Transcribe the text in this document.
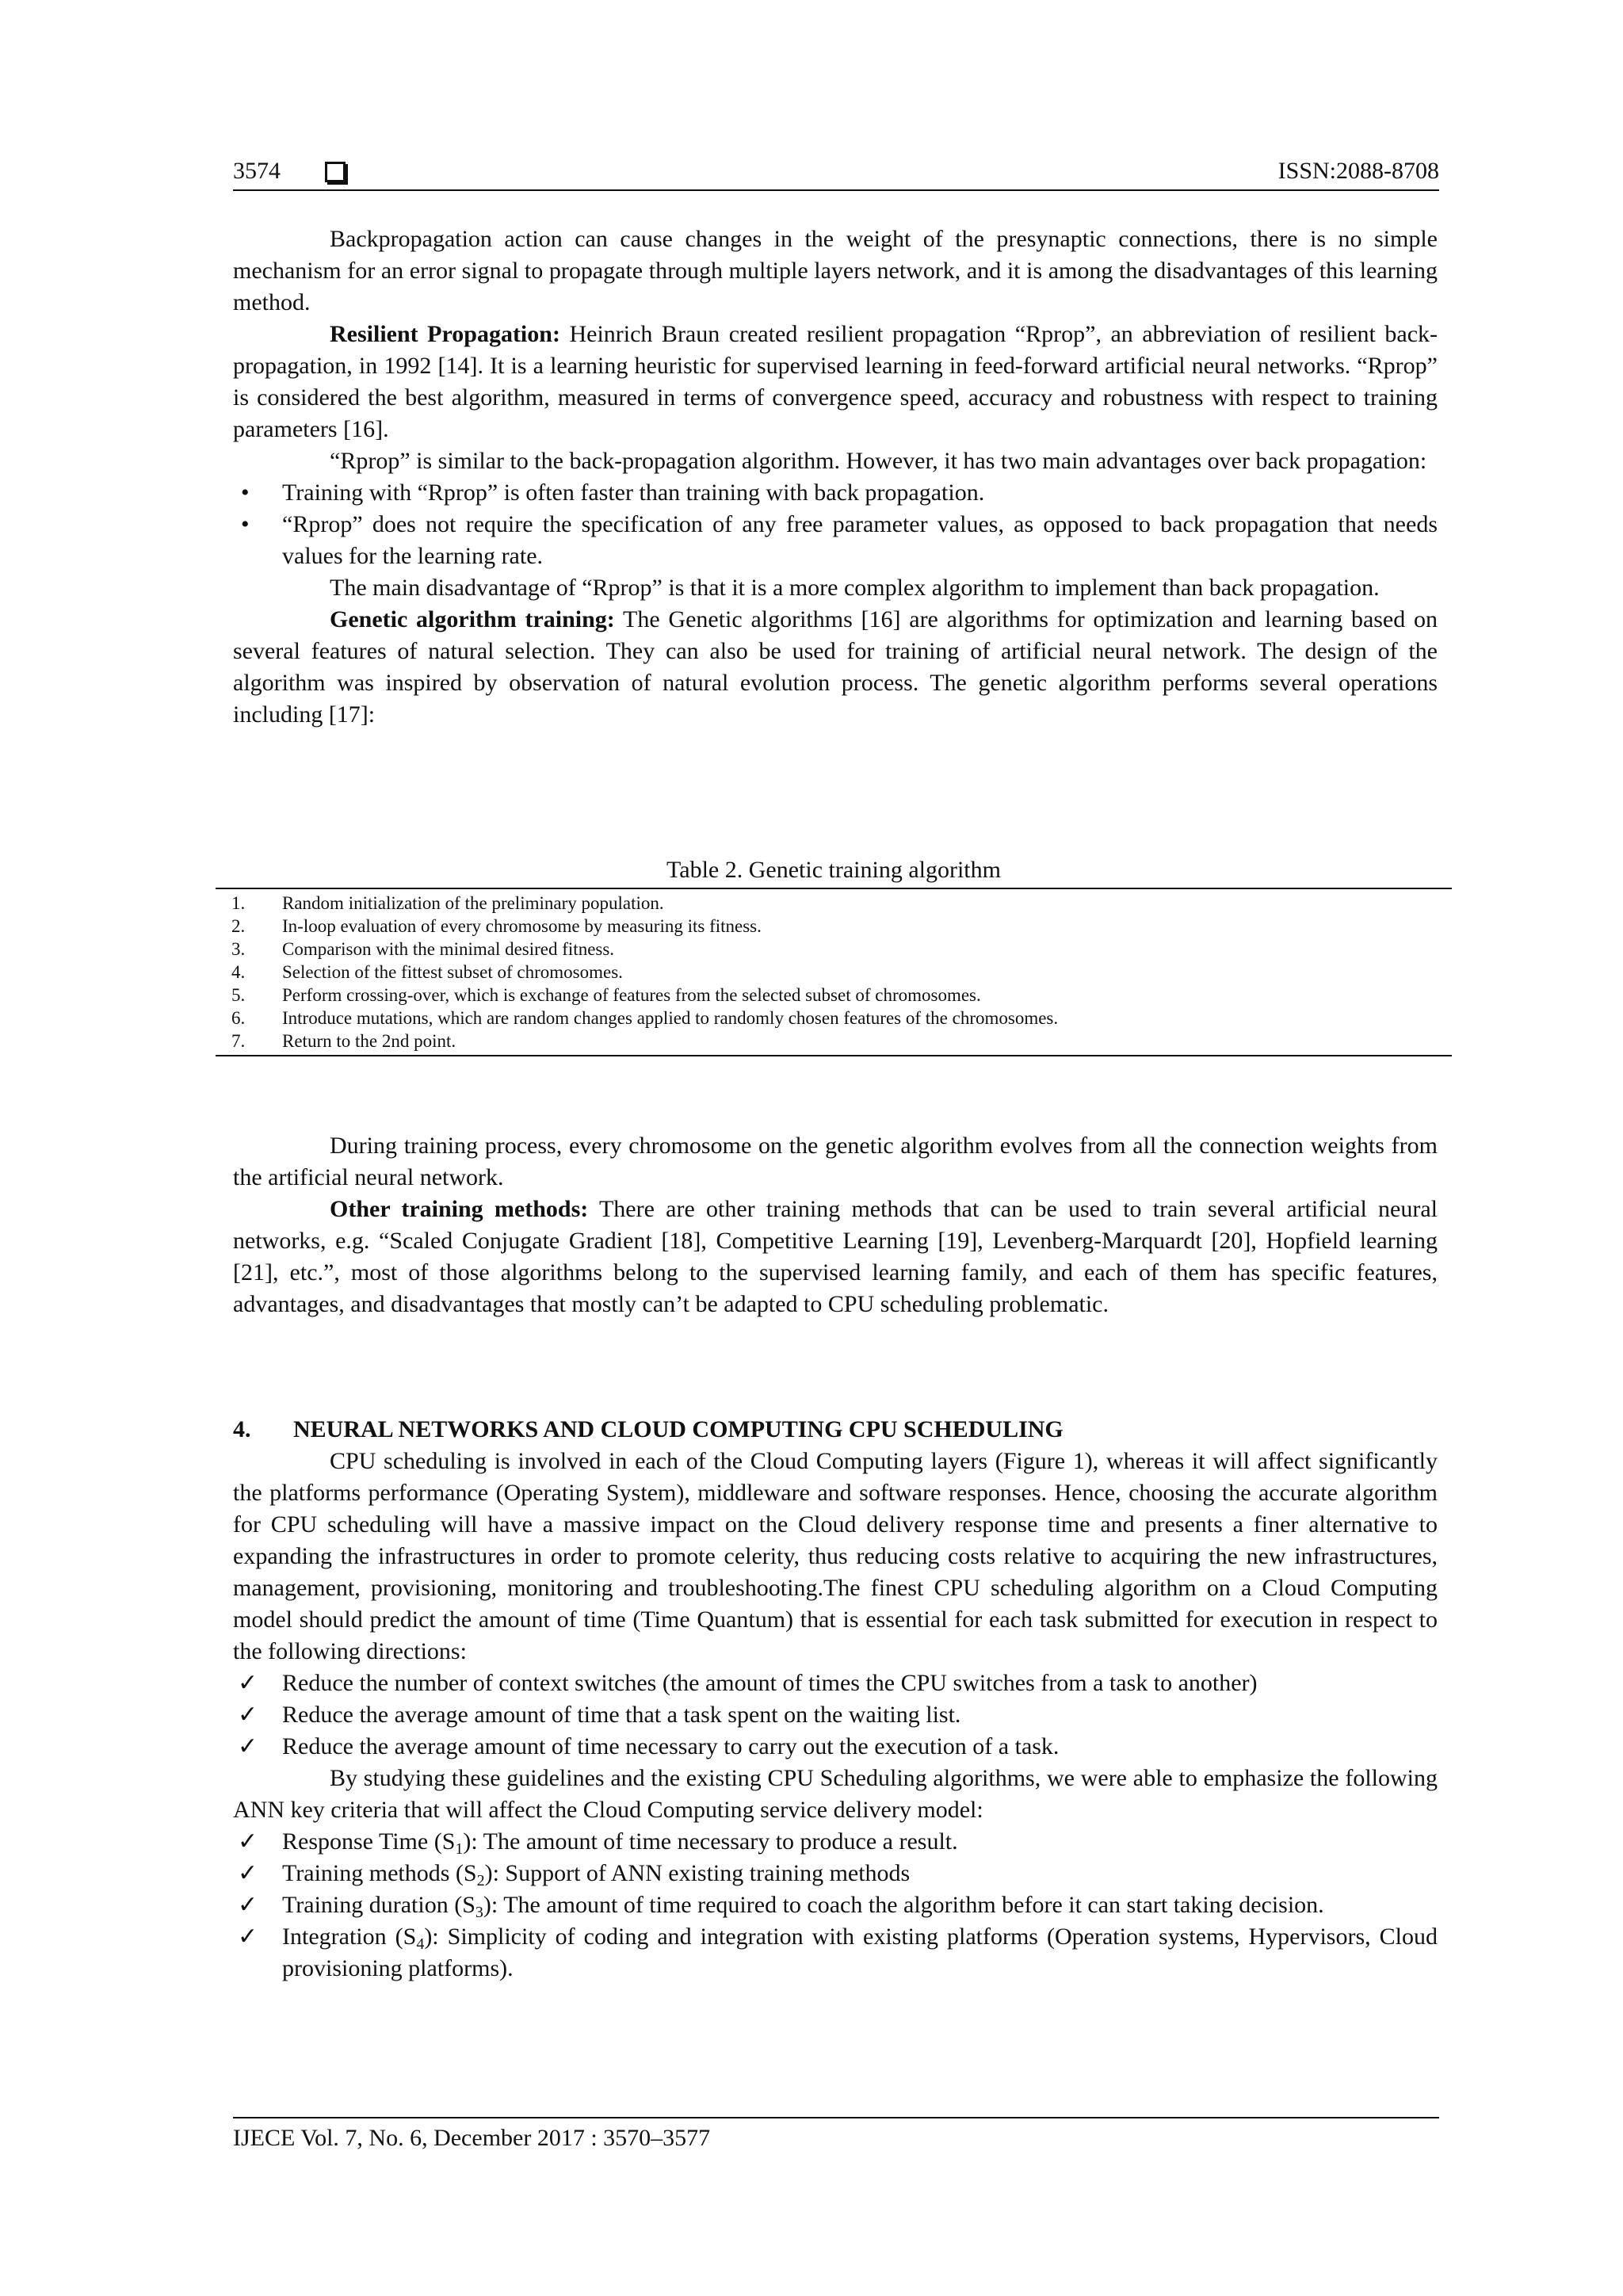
3574	ISSN:2088-8708

Backpropagation action can cause changes in the weight of the presynaptic connections, there is no simple mechanism for an error signal to propagate through multiple layers network, and it is among the disadvantages of this learning method.

Resilient Propagation: Heinrich Braun created resilient propagation “Rprop”, an abbreviation of resilient back-propagation, in 1992 [14]. It is a learning heuristic for supervised learning in feed-forward artificial neural networks. “Rprop” is considered the best algorithm, measured in terms of convergence speed, accuracy and robustness with respect to training parameters [16].

“Rprop” is similar to the back-propagation algorithm. However, it has two main advantages over back propagation:

• Training with “Rprop” is often faster than training with back propagation.
• “Rprop” does not require the specification of any free parameter values, as opposed to back propagation that needs values for the learning rate.

The main disadvantage of “Rprop” is that it is a more complex algorithm to implement than back propagation.

Genetic algorithm training: The Genetic algorithms [16] are algorithms for optimization and learning based on several features of natural selection. They can also be used for training of artificial neural network. The design of the algorithm was inspired by observation of natural evolution process. The genetic algorithm performs several operations including [17]:

Table 2. Genetic training algorithm
1. Random initialization of the preliminary population.
2. In-loop evaluation of every chromosome by measuring its fitness.
3. Comparison with the minimal desired fitness.
4. Selection of the fittest subset of chromosomes.
5. Perform crossing-over, which is exchange of features from the selected subset of chromosomes.
6. Introduce mutations, which are random changes applied to randomly chosen features of the chromosomes.
7. Return to the 2nd point.

During training process, every chromosome on the genetic algorithm evolves from all the connection weights from the artificial neural network.

Other training methods: There are other training methods that can be used to train several artificial neural networks, e.g. “Scaled Conjugate Gradient [18], Competitive Learning [19], Levenberg-Marquardt [20], Hopfield learning [21], etc.”, most of those algorithms belong to the supervised learning family, and each of them has specific features, advantages, and disadvantages that mostly can’t be adapted to CPU scheduling problematic.

4. NEURAL NETWORKS AND CLOUD COMPUTING CPU SCHEDULING

CPU scheduling is involved in each of the Cloud Computing layers (Figure 1), whereas it will affect significantly the platforms performance (Operating System), middleware and software responses. Hence, choosing the accurate algorithm for CPU scheduling will have a massive impact on the Cloud delivery response time and presents a finer alternative to expanding the infrastructures in order to promote celerity, thus reducing costs relative to acquiring the new infrastructures, management, provisioning, monitoring and troubleshooting.The finest CPU scheduling algorithm on a Cloud Computing model should predict the amount of time (Time Quantum) that is essential for each task submitted for execution in respect to the following directions:

✓ Reduce the number of context switches (the amount of times the CPU switches from a task to another)
✓ Reduce the average amount of time that a task spent on the waiting list.
✓ Reduce the average amount of time necessary to carry out the execution of a task.

By studying these guidelines and the existing CPU Scheduling algorithms, we were able to emphasize the following ANN key criteria that will affect the Cloud Computing service delivery model:

✓ Response Time $(S_1)$: The amount of time necessary to produce a result.
✓ Training methods $(S_2)$: Support of ANN existing training methods
✓ Training duration $(S_3)$: The amount of time required to coach the algorithm before it can start taking decision.
✓ Integration $(S_4)$: Simplicity of coding and integration with existing platforms (Operation systems, Hypervisors, Cloud provisioning platforms).
IJECE Vol. 7, No. 6, December 2017 : 3570–3577
